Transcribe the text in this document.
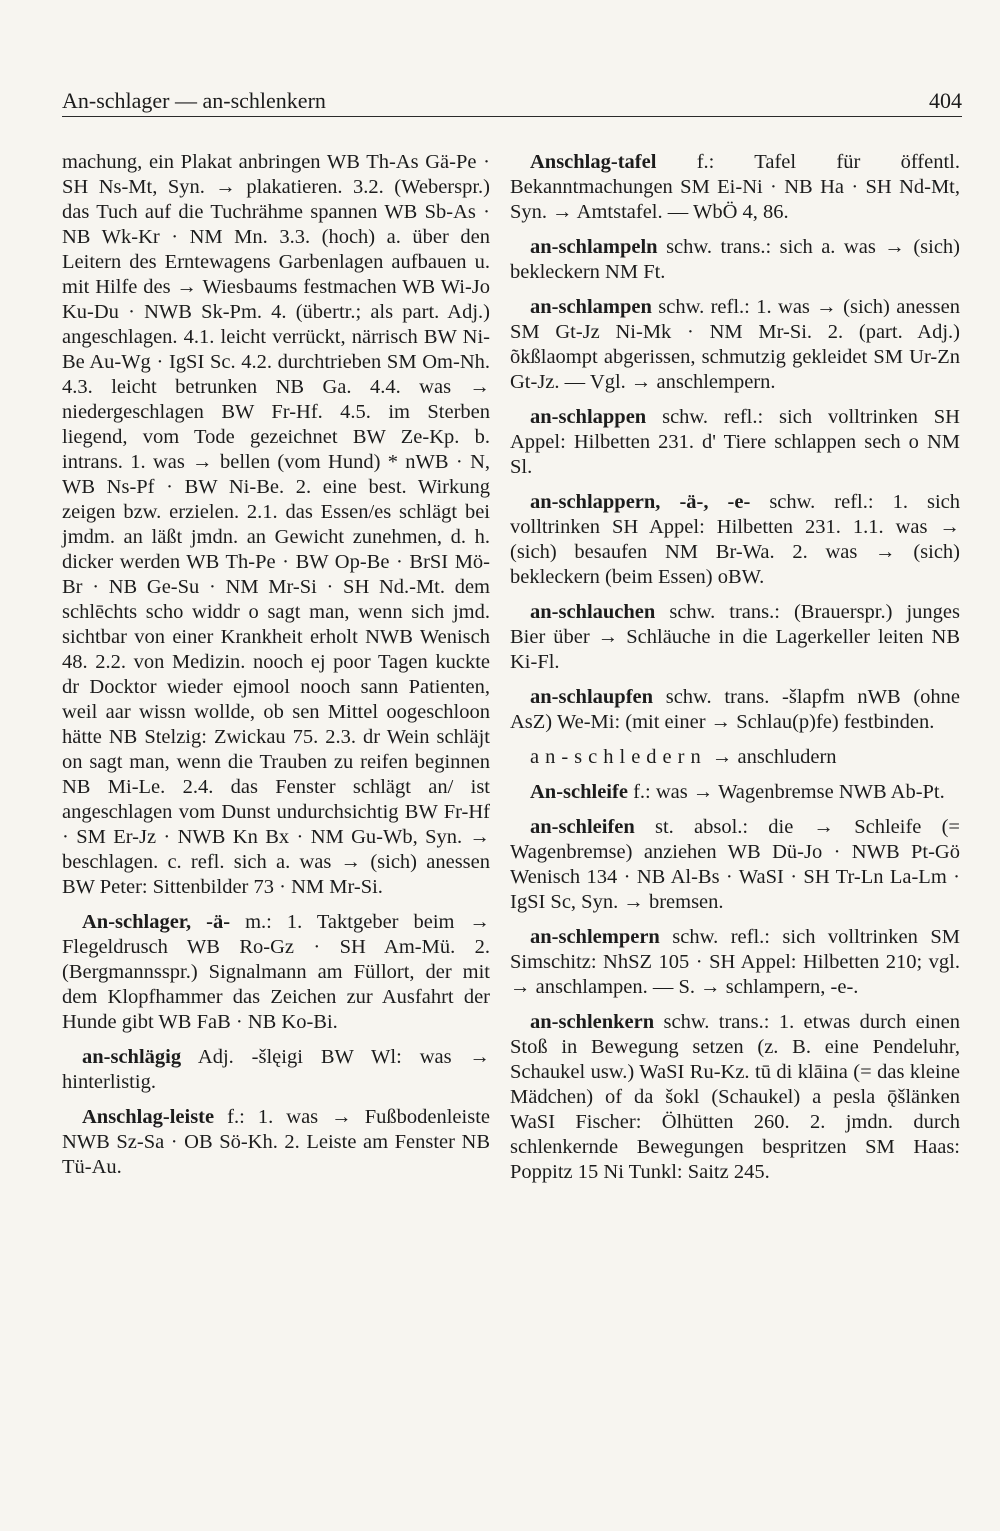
An-schlager — an-schlenkern	404

machung, ein Plakat anbringen WB Th-As Gä-Pe · SH Ns-Mt, Syn. → plakatieren. 3.2. (Weberspr.) das Tuch auf die Tuchrähme spannen WB Sb-As · NB Wk-Kr · NM Mn. 3.3. (hoch) a. über den Leitern des Erntewagens Garbenlagen aufbauen u. mit Hilfe des → Wiesbaums festmachen WB Wi-Jo Ku-Du · NWB Sk-Pm. 4. (übertr.; als part. Adj.) angeschlagen. 4.1. leicht verrückt, närrisch BW Ni-Be Au-Wg · IgSI Sc. 4.2. durchtrieben SM Om-Nh. 4.3. leicht betrunken NB Ga. 4.4. was → niedergeschlagen BW Fr-Hf. 4.5. im Sterben liegend, vom Tode gezeichnet BW Ze-Kp. b. intrans. 1. was → bellen (vom Hund) * nWB · N, WB Ns-Pf · BW Ni-Be. 2. eine best. Wirkung zeigen bzw. erzielen. 2.1. das Essen/es schlägt bei jmdm. an läßt jmdn. an Gewicht zunehmen, d. h. dicker werden WB Th-Pe · BW Op-Be · BrSI Mö-Br · NB Ge-Su · NM Mr-Si · SH Nd.-Mt. dem schlēchts scho widdr o sagt man, wenn sich jmd. sichtbar von einer Krankheit erholt NWB Wenisch 48. 2.2. von Medizin. nooch ej poor Tagen kuckte dr Docktor wieder ejmool nooch sann Patienten, weil aar wissn wollde, ob sen Mittel oogeschloon hätte NB Stelzig: Zwickau 75. 2.3. dr Wein schläjt on sagt man, wenn die Trauben zu reifen beginnen NB Mi-Le. 2.4. das Fenster schlägt an/ ist angeschlagen vom Dunst undurchsichtig BW Fr-Hf · SM Er-Jz · NWB Kn Bx · NM Gu-Wb, Syn. → beschlagen. c. refl. sich a. was → (sich) anessen BW Peter: Sittenbilder 73 · NM Mr-Si.

An-schlager, -ä- m.: 1. Taktgeber beim → Flegeldrusch WB Ro-Gz · SH Am-Mü. 2. (Bergmannsspr.) Signalmann am Füllort, der mit dem Klopfhammer das Zeichen zur Ausfahrt der Hunde gibt WB FaB · NB Ko-Bi.

an-schlägig Adj. -šlęigi BW Wl: was → hinterlistig.

Anschlag-leiste f.: 1. was → Fußbodenleiste NWB Sz-Sa · OB Sö-Kh. 2. Leiste am Fenster NB Tü-Au.

Anschlag-tafel f.: Tafel für öffentl. Bekanntmachungen SM Ei-Ni · NB Ha · SH Nd-Mt, Syn. → Amtstafel. — WbÖ 4, 86.

an-schlampeln schw. trans.: sich a. was → (sich) bekleckern NM Ft.

an-schlampen schw. refl.: 1. was → (sich) anessen SM Gt-Jz Ni-Mk · NM Mr-Si. 2. (part. Adj.) õkßlaompt abgerissen, schmutzig gekleidet SM Ur-Zn Gt-Jz. — Vgl. → anschlempern.

an-schlappen schw. refl.: sich volltrinken SH Appel: Hilbetten 231. d' Tiere schlappen sech o NM Sl.

an-schlappern, -ä-, -e- schw. refl.: 1. sich volltrinken SH Appel: Hilbetten 231. 1.1. was → (sich) besaufen NM Br-Wa. 2. was → (sich) bekleckern (beim Essen) oBW.

an-schlauchen schw. trans.: (Brauerspr.) junges Bier über → Schläuche in die Lagerkeller leiten NB Ki-Fl.

an-schlaupfen schw. trans. -šlapfm nWB (ohne AsZ) We-Mi: (mit einer → Schlau(p)fe) festbinden.

an-schledern → anschludern

An-schleife f.: was → Wagenbremse NWB Ab-Pt.

an-schleifen st. absol.: die → Schleife (= Wagenbremse) anziehen WB Dü-Jo · NWB Pt-Gö Wenisch 134 · NB Al-Bs · WaSI · SH Tr-Ln La-Lm · IgSI Sc, Syn. → bremsen.

an-schlempern schw. refl.: sich volltrinken SM Simschitz: NhSZ 105 · SH Appel: Hilbetten 210; vgl. → anschlampen. — S. → schlampern, -e-.

an-schlenkern schw. trans.: 1. etwas durch einen Stoß in Bewegung setzen (z. B. eine Pendeluhr, Schaukel usw.) WaSI Ru-Kz. tū di klāina (= das kleine Mädchen) of da šokl (Schaukel) a pesla ǭšlänken WaSI Fischer: Ölhütten 260. 2. jmdn. durch schlenkernde Bewegungen bespritzen SM Haas: Poppitz 15 Ni Tunkl: Saitz 245.
